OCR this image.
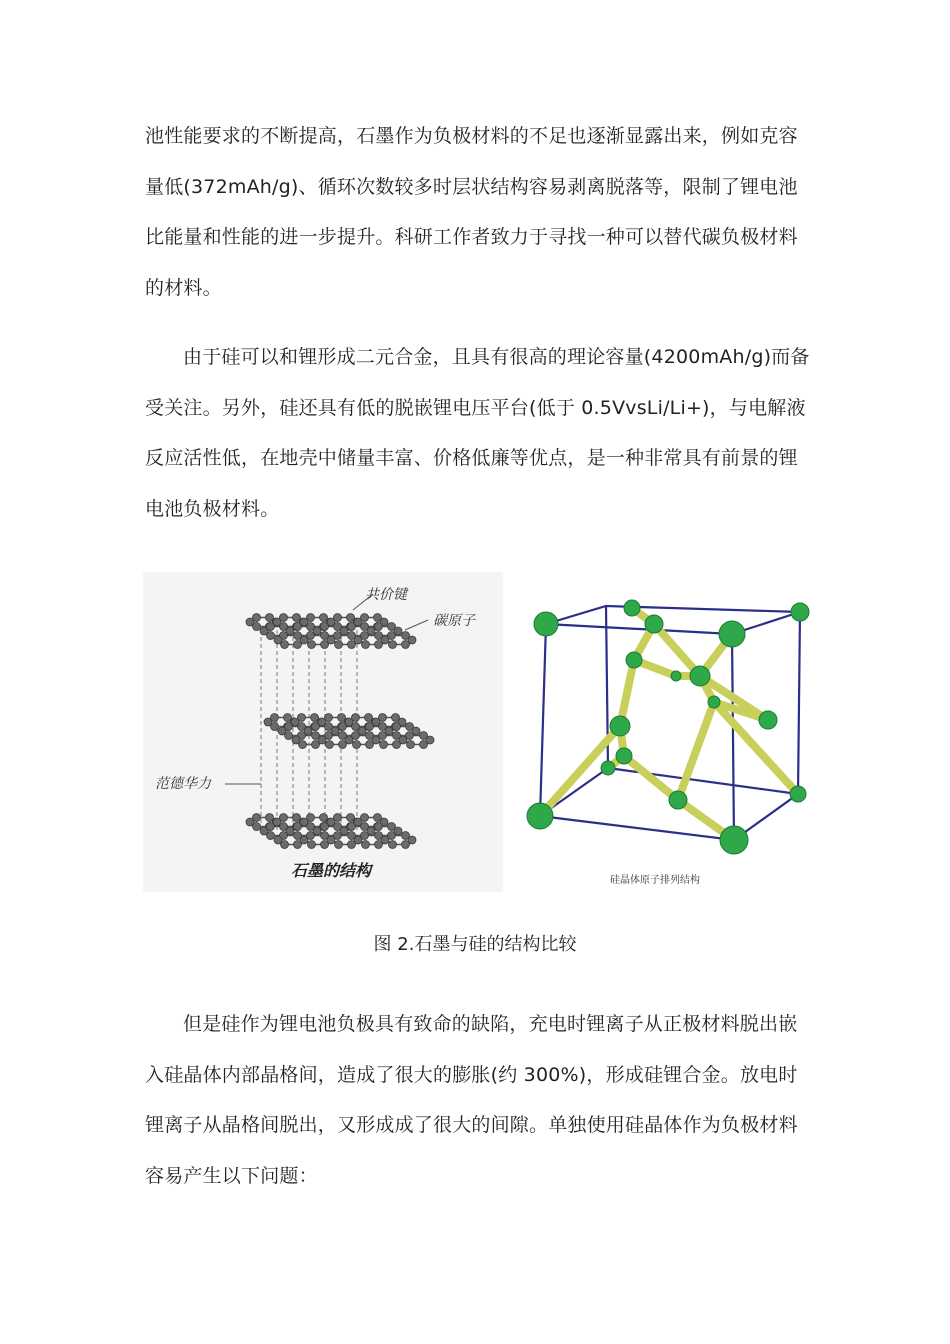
池性能要求的不断提高，石墨作为负极材料的不足也逐渐显露出来，例如克容量低(372mAh/g)、循环次数较多时层状结构容易剥离脱落等，限制了锂电池比能量和性能的进一步提升。科研工作者致力于寻找一种可以替代碳负极材料的材料。

由于硅可以和锂形成二元合金，且具有很高的理论容量(4200mAh/g)而备受关注。另外，硅还具有低的脱嵌锂电压平台(低于 0.5VvsLi/Li+)，与电解液反应活性低，在地壳中储量丰富、价格低廉等优点，是一种非常具有前景的锂电池负极材料。

共价键
碳原子
范德华力
石墨的结构
硅晶体原子排列结构

图 2.石墨与硅的结构比较

但是硅作为锂电池负极具有致命的缺陷，充电时锂离子从正极材料脱出嵌入硅晶体内部晶格间，造成了很大的膨胀(约 300%)，形成硅锂合金。放电时锂离子从晶格间脱出，又形成成了很大的间隙。单独使用硅晶体作为负极材料容易产生以下问题：
